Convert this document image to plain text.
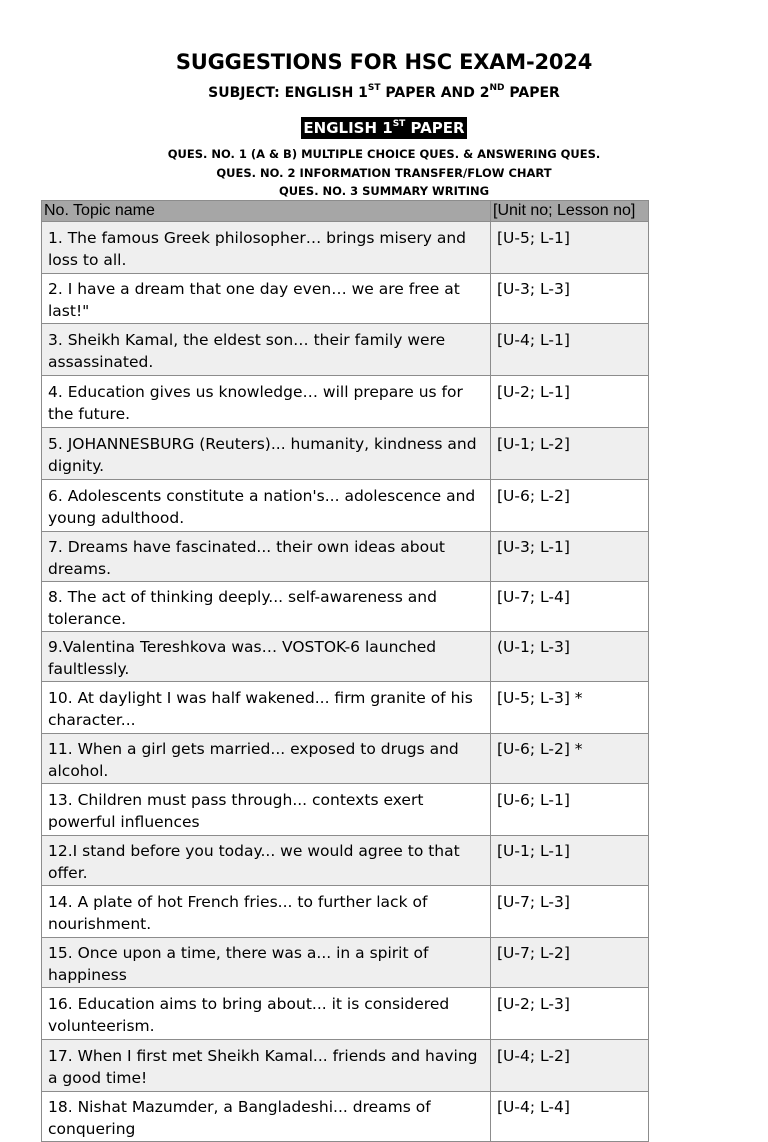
SUGGESTIONS FOR HSC EXAM-2024
SUBJECT: ENGLISH 1ST PAPER AND 2ND PAPER
ENGLISH 1ST PAPER
QUES. NO. 1 (A & B) MULTIPLE CHOICE QUES. & ANSWERING QUES.
QUES. NO. 2 INFORMATION TRANSFER/FLOW CHART
QUES. NO. 3 SUMMARY WRITING
No. Topic name	[Unit no; Lesson no]
1. The famous Greek philosopher… brings misery and loss to all.	[U-5; L-1]
2. I have a dream that one day even… we are free at last!"	[U-3; L-3]
3. Sheikh Kamal, the eldest son… their family were assassinated.	[U-4; L-1]
4. Education gives us knowledge… will prepare us for the future.	[U-2; L-1]
5. JOHANNESBURG (Reuters)... humanity, kindness and dignity.	[U-1; L-2]
6. Adolescents constitute a nation's... adolescence and young adulthood.	[U-6; L-2]
7. Dreams have fascinated... their own ideas about dreams.	[U-3; L-1]
8. The act of thinking deeply... self-awareness and tolerance.	[U-7; L-4]
9.Valentina Tereshkova was… VOSTOK-6 launched faultlessly.	(U-1; L-3]
10. At daylight I was half wakened... firm granite of his character...	[U-5; L-3] *
11. When a girl gets married... exposed to drugs and alcohol.	[U-6; L-2] *
13. Children must pass through... contexts exert powerful influences	[U-6; L-1]
12.I stand before you today... we would agree to that offer.	[U-1; L-1]
14. A plate of hot French fries... to further lack of nourishment.	[U-7; L-3]
15. Once upon a time, there was a... in a spirit of happiness	[U-7; L-2]
16. Education aims to bring about... it is considered volunteerism.	[U-2; L-3]
17. When I first met Sheikh Kamal... friends and having a good time!	[U-4; L-2]
18. Nishat Mazumder, a Bangladeshi... dreams of conquering	[U-4; L-4]
